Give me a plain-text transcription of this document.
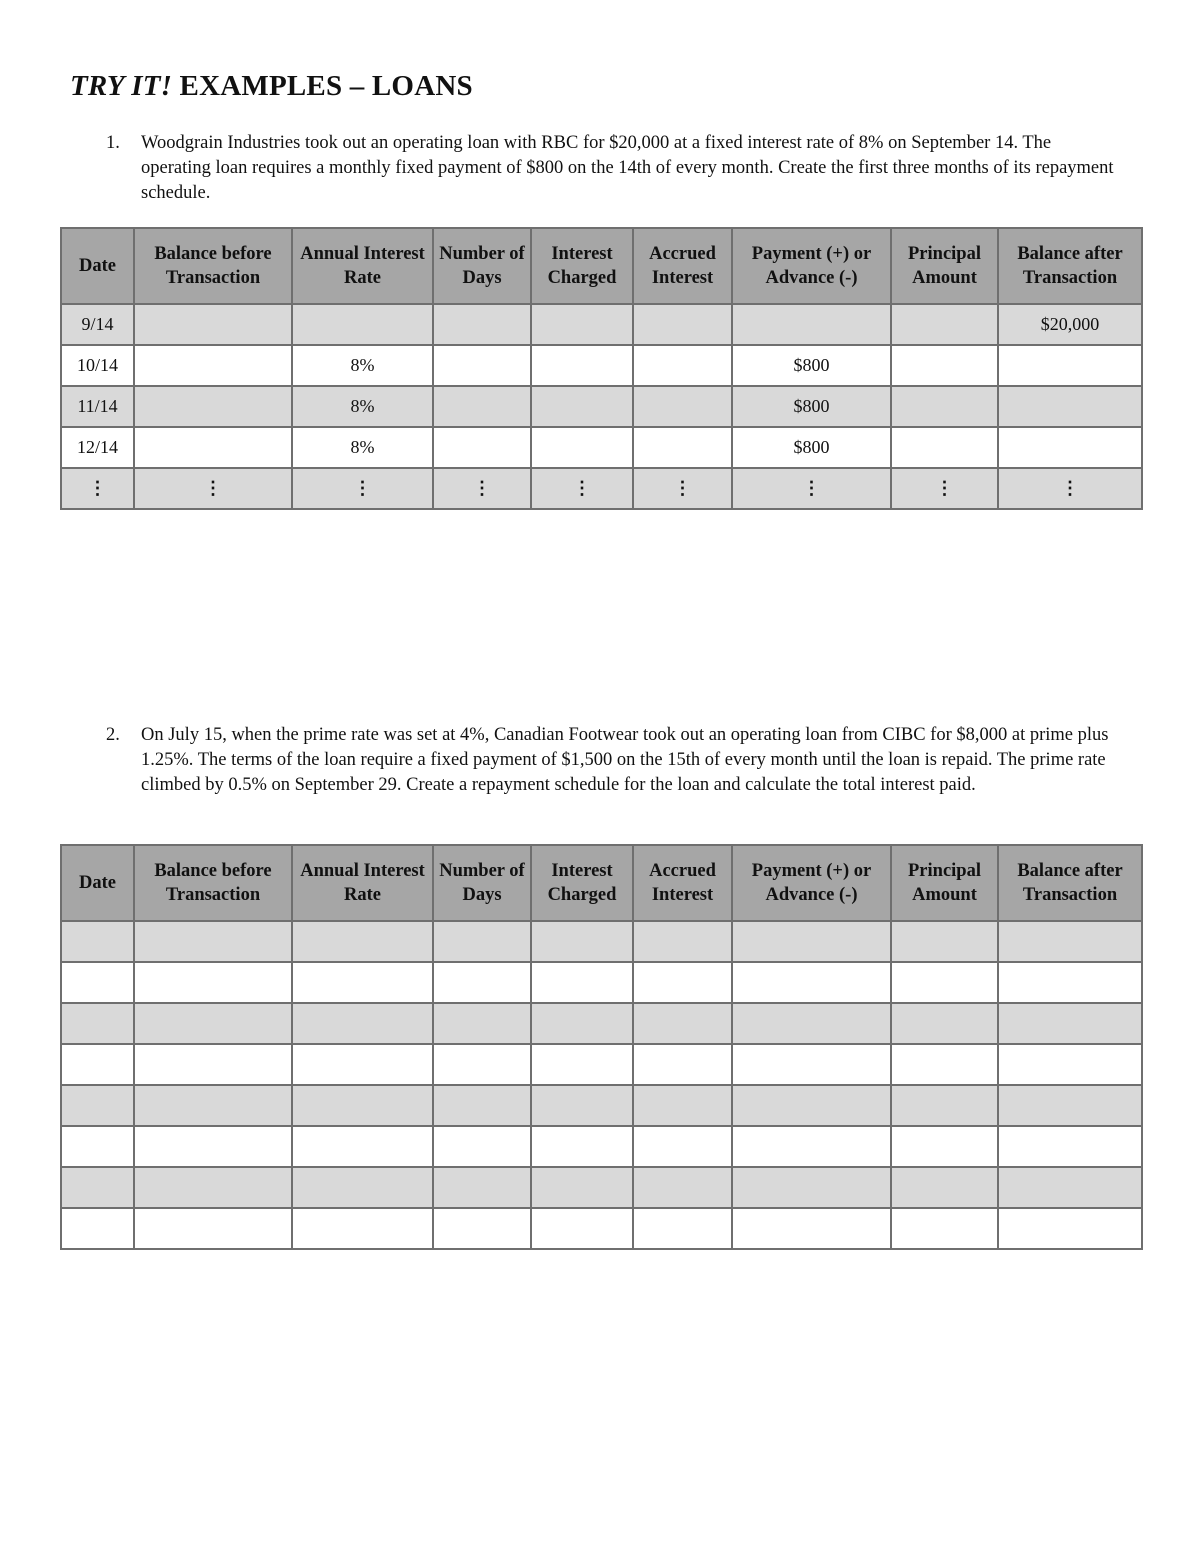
TRY IT! EXAMPLES – LOANS
1. Woodgrain Industries took out an operating loan with RBC for $20,000 at a fixed interest rate of 8% on September 14. The operating loan requires a monthly fixed payment of $800 on the 14th of every month. Create the first three months of its repayment schedule.
Date	Balance before Transaction	Annual Interest Rate	Number of Days	Interest Charged	Accrued Interest	Payment (+) or Advance (-)	Principal Amount	Balance after Transaction
9/14								$20,000
10/14		8%				$800		
11/14		8%				$800		
12/14		8%				$800		
⋮	⋮	⋮	⋮	⋮	⋮	⋮	⋮	⋮
2. On July 15, when the prime rate was set at 4%, Canadian Footwear took out an operating loan from CIBC for $8,000 at prime plus 1.25%. The terms of the loan require a fixed payment of $1,500 on the 15th of every month until the loan is repaid. The prime rate climbed by 0.5% on September 29. Create a repayment schedule for the loan and calculate the total interest paid.
Date	Balance before Transaction	Annual Interest Rate	Number of Days	Interest Charged	Accrued Interest	Payment (+) or Advance (-)	Principal Amount	Balance after Transaction
